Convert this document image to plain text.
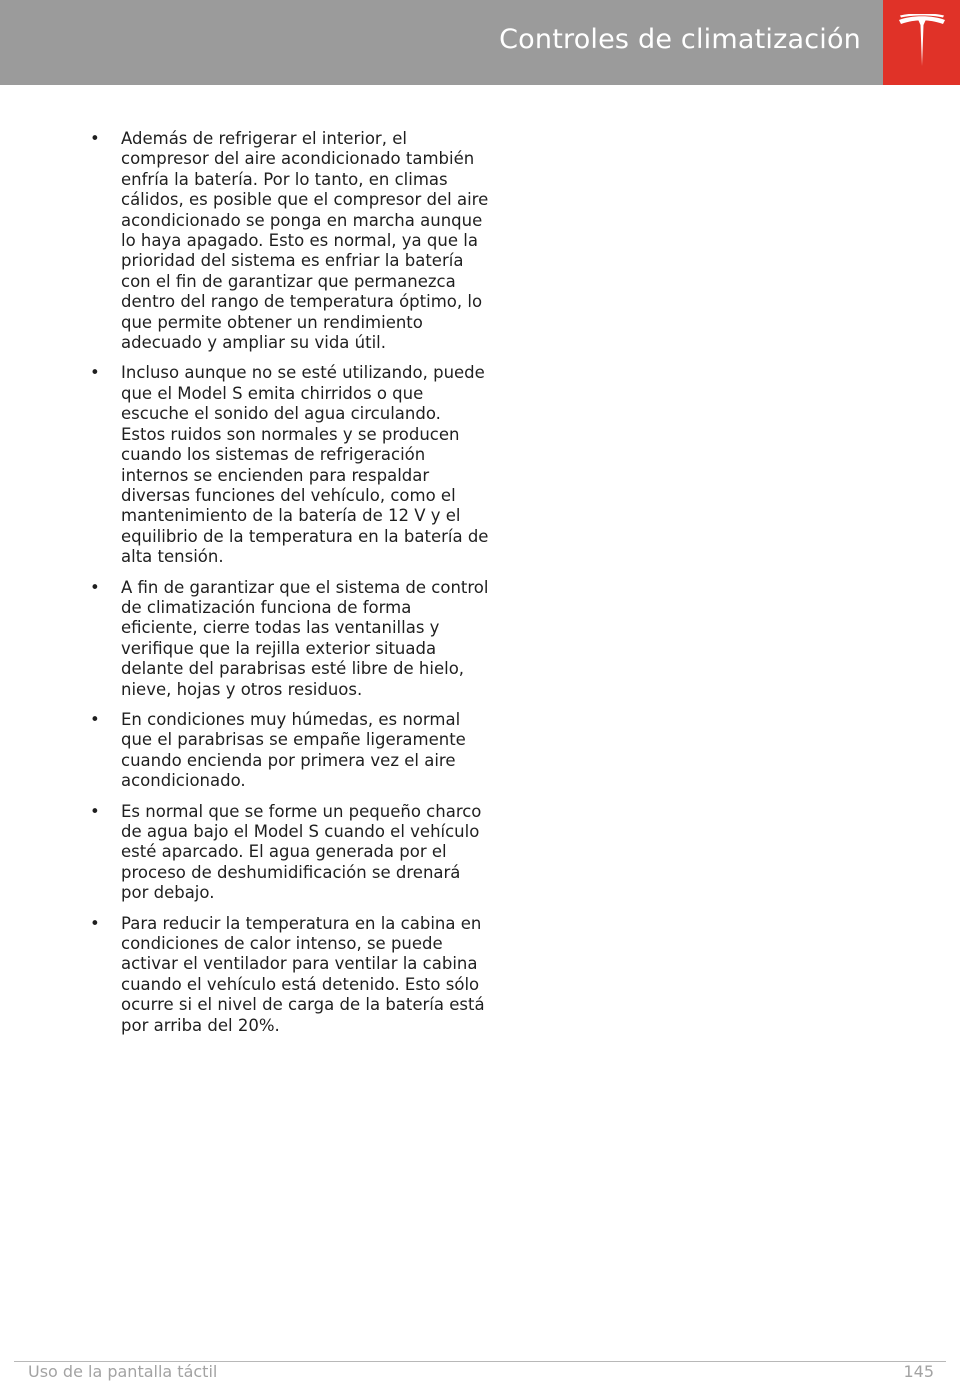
Controles de climatización
• Además de refrigerar el interior, el compresor del aire acondicionado también enfría la batería. Por lo tanto, en climas cálidos, es posible que el compresor del aire acondicionado se ponga en marcha aunque lo haya apagado. Esto es normal, ya que la prioridad del sistema es enfriar la batería con el fin de garantizar que permanezca dentro del rango de temperatura óptimo, lo que permite obtener un rendimiento adecuado y ampliar su vida útil.
• Incluso aunque no se esté utilizando, puede que el Model S emita chirridos o que escuche el sonido del agua circulando. Estos ruidos son normales y se producen cuando los sistemas de refrigeración internos se encienden para respaldar diversas funciones del vehículo, como el mantenimiento de la batería de 12 V y el equilibrio de la temperatura en la batería de alta tensión.
• A fin de garantizar que el sistema de control de climatización funciona de forma eficiente, cierre todas las ventanillas y verifique que la rejilla exterior situada delante del parabrisas esté libre de hielo, nieve, hojas y otros residuos.
• En condiciones muy húmedas, es normal que el parabrisas se empañe ligeramente cuando encienda por primera vez el aire acondicionado.
• Es normal que se forme un pequeño charco de agua bajo el Model S cuando el vehículo esté aparcado. El agua generada por el proceso de deshumidificación se drenará por debajo.
• Para reducir la temperatura en la cabina en condiciones de calor intenso, se puede activar el ventilador para ventilar la cabina cuando el vehículo está detenido. Esto sólo ocurre si el nivel de carga de la batería está por arriba del 20%.
Uso de la pantalla táctil	145
